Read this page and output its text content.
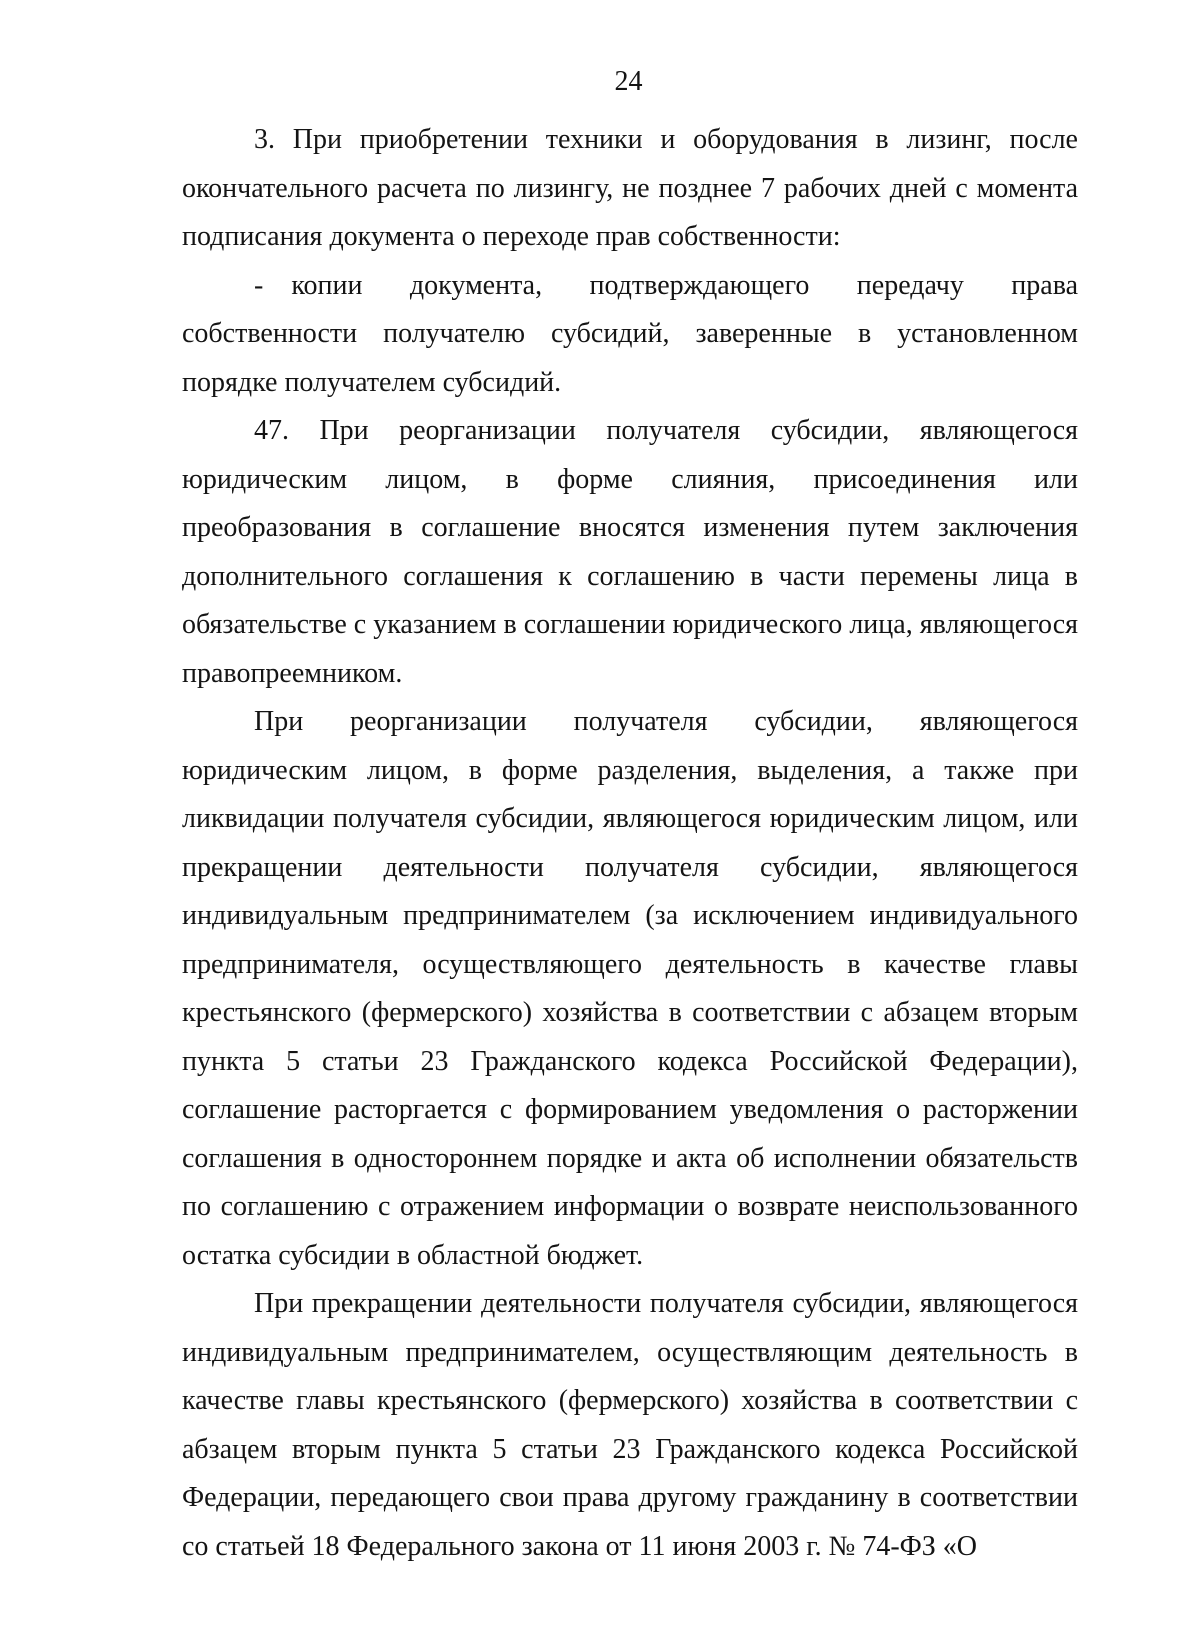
24

3. При приобретении техники и оборудования в лизинг, после окончательного расчета по лизингу, не позднее 7 рабочих дней с момента подписания документа о переходе прав собственности:

- копии документа, подтверждающего передачу права собственности получателю субсидий, заверенные в установленном порядке получателем субсидий.

47. При реорганизации получателя субсидии, являющегося юридическим лицом, в форме слияния, присоединения или преобразования в соглашение вносятся изменения путем заключения дополнительного соглашения к соглашению в части перемены лица в обязательстве с указанием в соглашении юридического лица, являющегося правопреемником.

При реорганизации получателя субсидии, являющегося юридическим лицом, в форме разделения, выделения, а также при ликвидации получателя субсидии, являющегося юридическим лицом, или прекращении деятельности получателя субсидии, являющегося индивидуальным предпринимателем (за исключением индивидуального предпринимателя, осуществляющего деятельность в качестве главы крестьянского (фермерского) хозяйства в соответствии с абзацем вторым пункта 5 статьи 23 Гражданского кодекса Российской Федерации), соглашение расторгается с формированием уведомления о расторжении соглашения в одностороннем порядке и акта об исполнении обязательств по соглашению с отражением информации о возврате неиспользованного остатка субсидии в областной бюджет.

При прекращении деятельности получателя субсидии, являющегося индивидуальным предпринимателем, осуществляющим деятельность в качестве главы крестьянского (фермерского) хозяйства в соответствии с абзацем вторым пункта 5 статьи 23 Гражданского кодекса Российской Федерации, передающего свои права другому гражданину в соответствии со статьей 18 Федерального закона от 11 июня 2003 г. № 74-ФЗ «О
